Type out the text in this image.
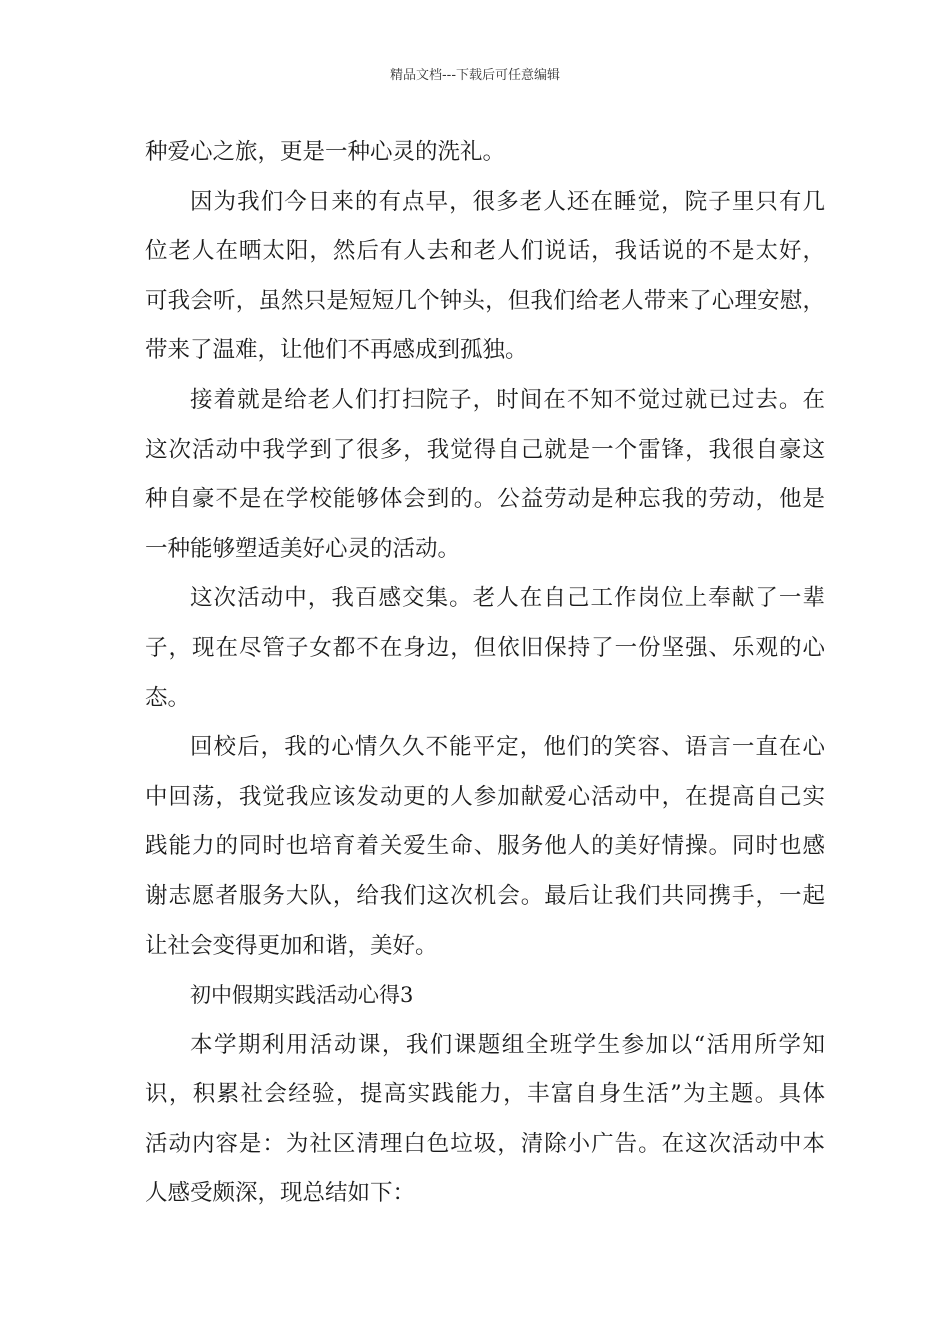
精品文档---下载后可任意编辑
种爱心之旅，更是一种心灵的洗礼。
因为我们今日来的有点早，很多老人还在睡觉，院子里只有几
位老人在晒太阳，然后有人去和老人们说话，我话说的不是太好，
可我会听，虽然只是短短几个钟头，但我们给老人带来了心理安慰，
带来了温难，让他们不再感成到孤独。
接着就是给老人们打扫院子，时间在不知不觉过就已过去。在
这次活动中我学到了很多，我觉得自己就是一个雷锋，我很自豪这
种自豪不是在学校能够体会到的。公益劳动是种忘我的劳动，他是
一种能够塑适美好心灵的活动。
这次活动中，我百感交集。老人在自己工作岗位上奉献了一辈
子，现在尽管子女都不在身边，但依旧保持了一份坚强、乐观的心
态。
回校后，我的心情久久不能平定，他们的笑容、语言一直在心
中回荡，我觉我应该发动更的人参加献爱心活动中，在提高自己实
践能力的同时也培育着关爱生命、服务他人的美好情操。同时也感
谢志愿者服务大队，给我们这次机会。最后让我们共同携手，一起
让社会变得更加和谐，美好。
初中假期实践活动心得3
本学期利用活动课，我们课题组全班学生参加以“活用所学知
识，积累社会经验，提高实践能力，丰富自身生活”为主题。具体
活动内容是：为社区清理白色垃圾，清除小广告。在这次活动中本
人感受颇深，现总结如下：
